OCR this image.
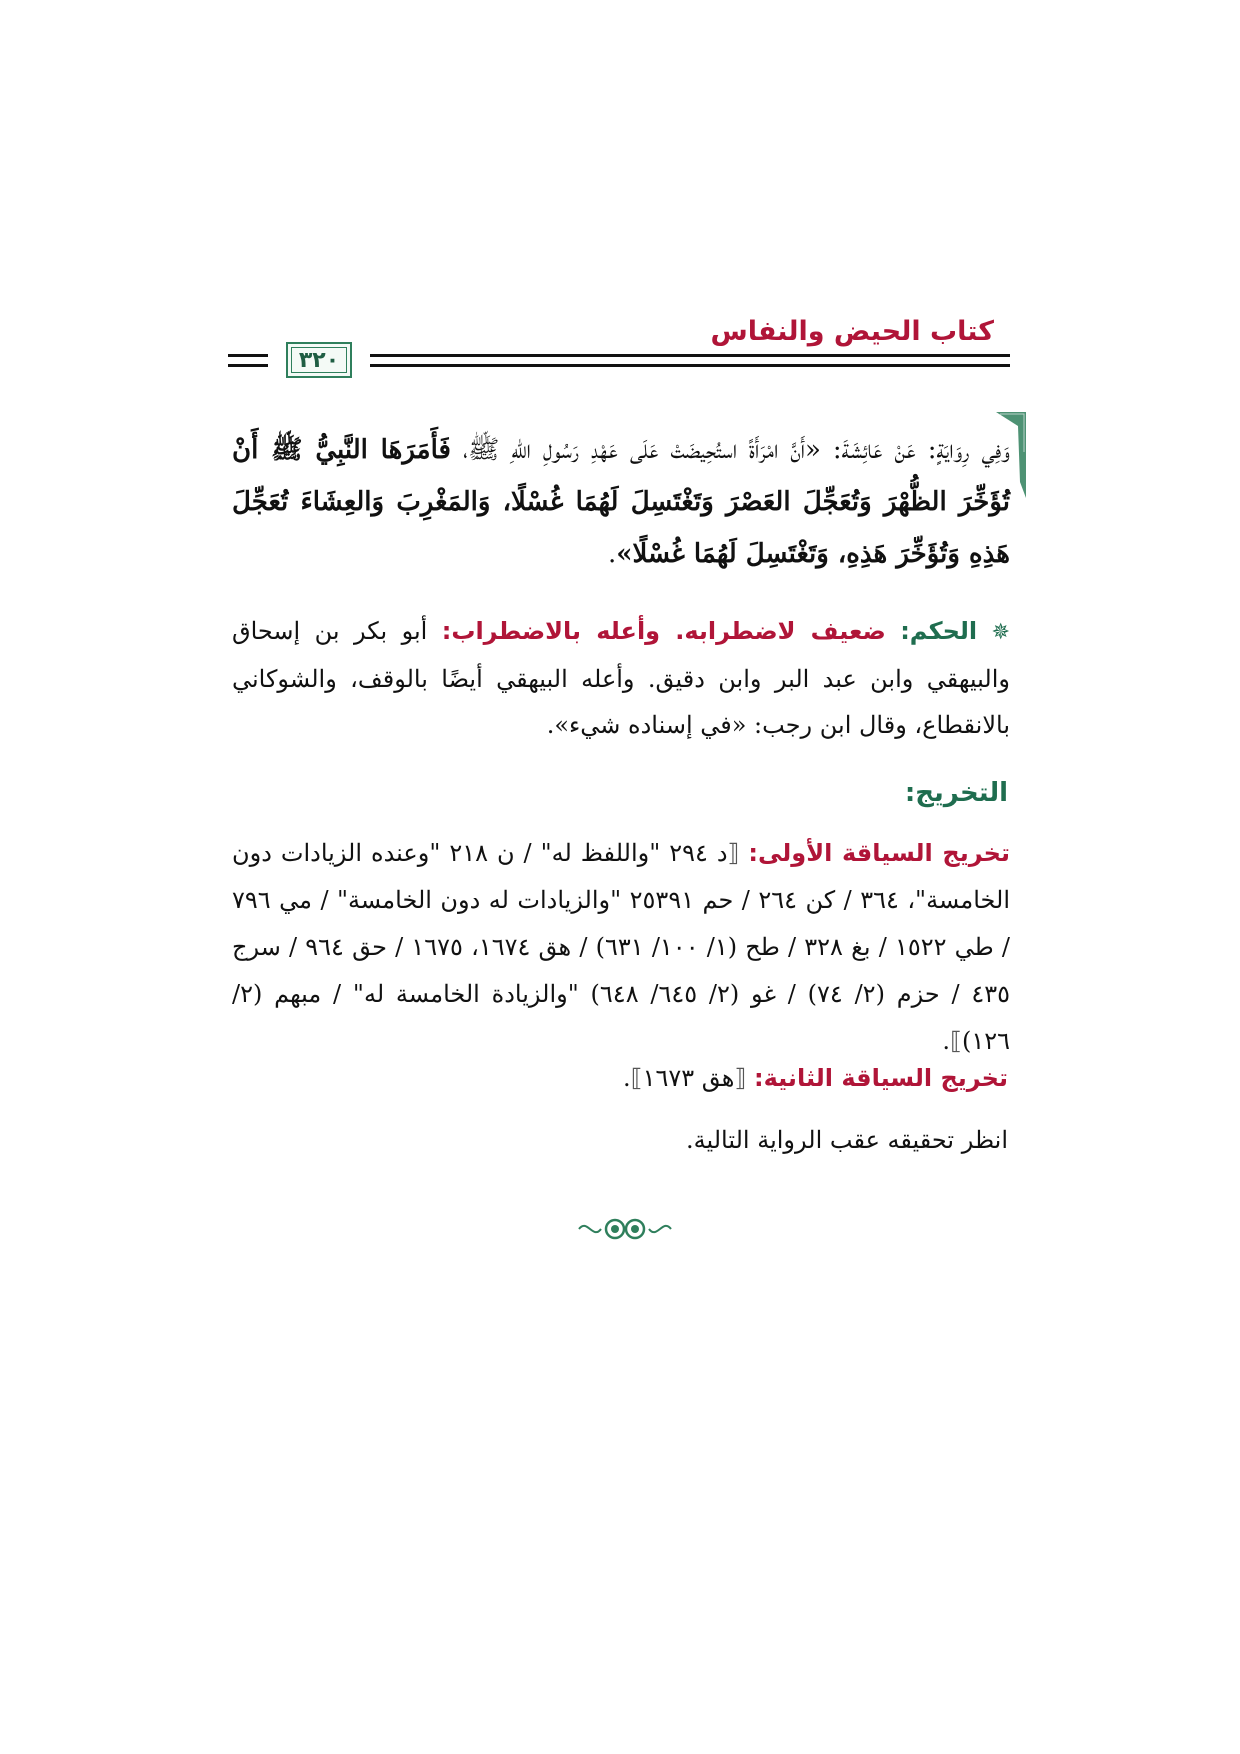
كتاب الحيض والنفاس
٣٢٠
وَفِي رِوَايَةٍ: عَنْ عَائِشَةَ: «أَنَّ امْرَأَةً استُحِيضَتْ عَلَى عَهْدِ رَسُولِ اللهِ ﷺ، فَأَمَرَهَا النَّبِيُّ ﷺ أَنْ تُؤَخِّرَ الظُّهْرَ وَتُعَجِّلَ العَصْرَ وَتَغْتَسِلَ لَهُمَا غُسْلًا، وَالمَغْرِبَ وَالعِشَاءَ تُعَجِّلَ هَذِهِ وَتُؤَخِّرَ هَذِهِ، وَتَغْتَسِلَ لَهُمَا غُسْلًا».
✵ الحكم: ضعيف لاضطرابه. وأعله بالاضطراب: أبو بكر بن إسحاق والبيهقي وابن عبد البر وابن دقيق. وأعله البيهقي أيضًا بالوقف، والشوكاني بالانقطاع، وقال ابن رجب: «في إسناده شيء».
التخريج:
تخريج السياقة الأولى: ⟦د ٢٩٤ "واللفظ له" / ن ٢١٨ "وعنده الزيادات دون الخامسة"، ٣٦٤ / كن ٢٦٤ / حم ٢٥٣٩١ "والزيادات له دون الخامسة" / مي ٧٩٦ / طي ١٥٢٢ / بغ ٣٢٨ / طح (١/ ١٠٠/ ٦٣١) / هق ١٦٧٤، ١٦٧٥ / حق ٩٦٤ / سرج ٤٣٥ / حزم (٢/ ٧٤) / غو (٢/ ٦٤٥/ ٦٤٨) "والزيادة الخامسة له" / مبهم (٢/ ١٢٦)⟧.
تخريج السياقة الثانية: ⟦هق ١٦٧٣⟧.
انظر تحقيقه عقب الرواية التالية.
